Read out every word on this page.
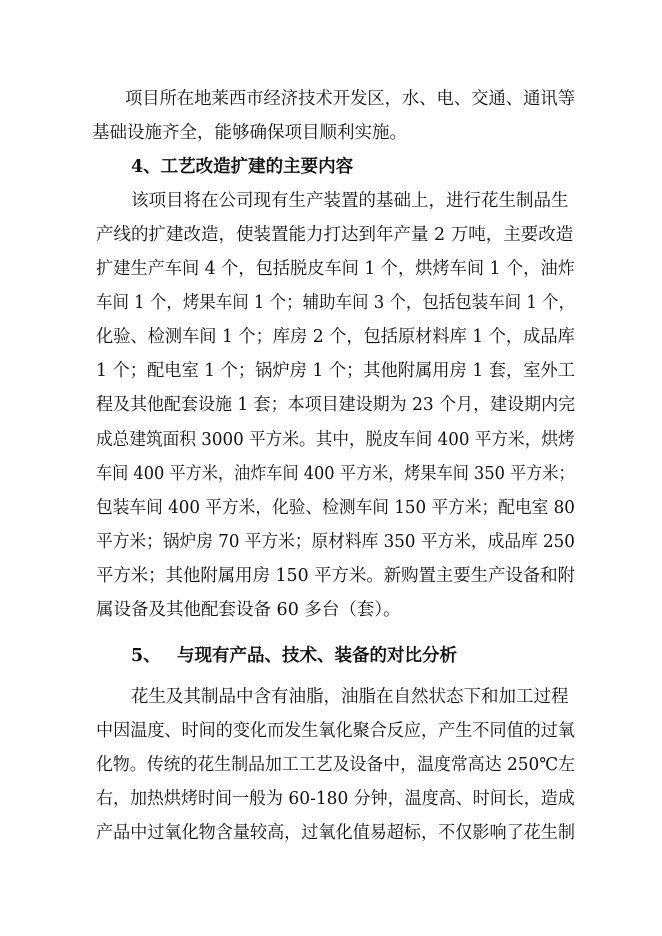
项目所在地莱西市经济技术开发区，水、电、交通、通讯等
基础设施齐全，能够确保项目顺利实施。
4、工艺改造扩建的主要内容
该项目将在公司现有生产装置的基础上，进行花生制品生
产线的扩建改造，使装置能力打达到年产量 2 万吨，主要改造
扩建生产车间 4 个，包括脱皮车间 1 个，烘烤车间 1 个，油炸
车间 1 个，烤果车间 1 个；辅助车间 3 个，包括包装车间 1 个，
化验、检测车间 1 个；库房 2 个，包括原材料库 1 个，成品库
1 个；配电室 1 个；锅炉房 1 个；其他附属用房 1 套，室外工
程及其他配套设施 1 套；本项目建设期为 23 个月，建设期内完
成总建筑面积 3000 平方米。其中，脱皮车间 400 平方米，烘烤
车间 400 平方米，油炸车间 400 平方米，烤果车间 350 平方米；
包装车间 400 平方米，化验、检测车间 150 平方米；配电室 80
平方米；锅炉房 70 平方米；原材料库 350 平方米，成品库 250
平方米；其他附属用房 150 平方米。新购置主要生产设备和附
属设备及其他配套设备 60 多台（套）。
5、 与现有产品、技术、装备的对比分析
花生及其制品中含有油脂，油脂在自然状态下和加工过程
中因温度、时间的变化而发生氧化聚合反应，产生不同值的过氧
化物。传统的花生制品加工工艺及设备中，温度常高达 250℃左
右，加热烘烤时间一般为 60-180 分钟，温度高、时间长，造成
产品中过氧化物含量较高，过氧化值易超标，不仅影响了花生制
